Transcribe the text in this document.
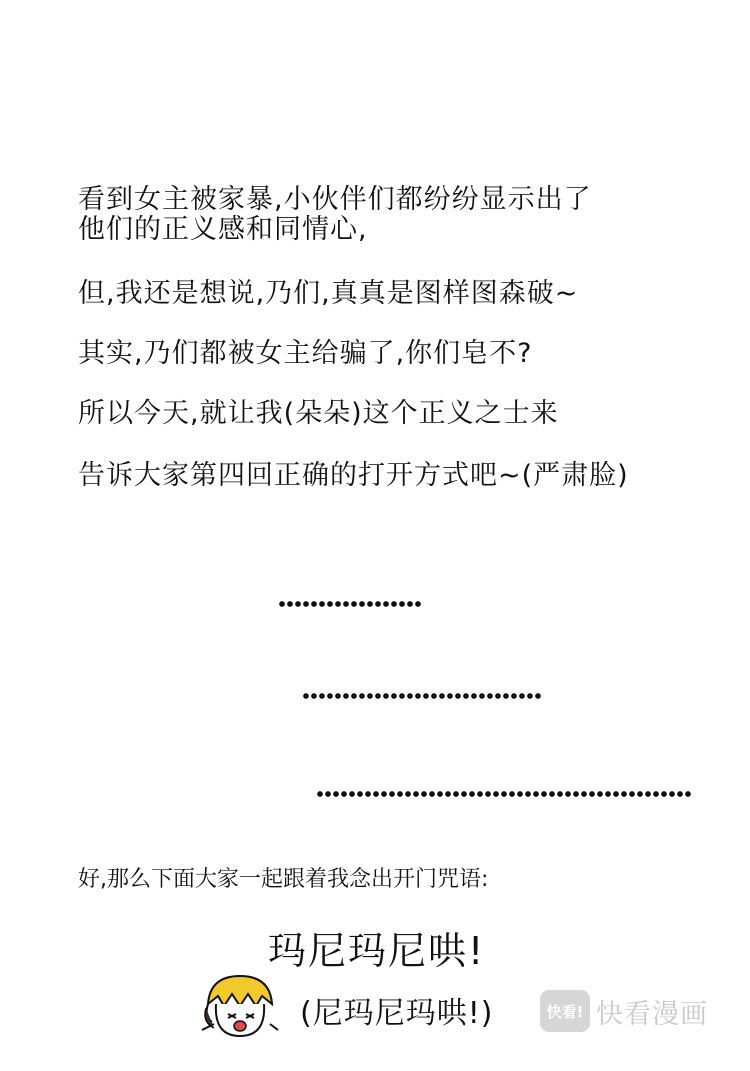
看到女主被家暴,小伙伴们都纷纷显示出了
他们的正义感和同情心,
但,我还是想说,乃们,真真是图样图森破~
其实,乃们都被女主给骗了,你们皂不?
所以今天,就让我(朵朵)这个正义之士来
告诉大家第四回正确的打开方式吧~(严肃脸)
好,那么下面大家一起跟着我念出开门咒语:
玛尼玛尼哄!
(尼玛尼玛哄!)	快看! 快看漫画
